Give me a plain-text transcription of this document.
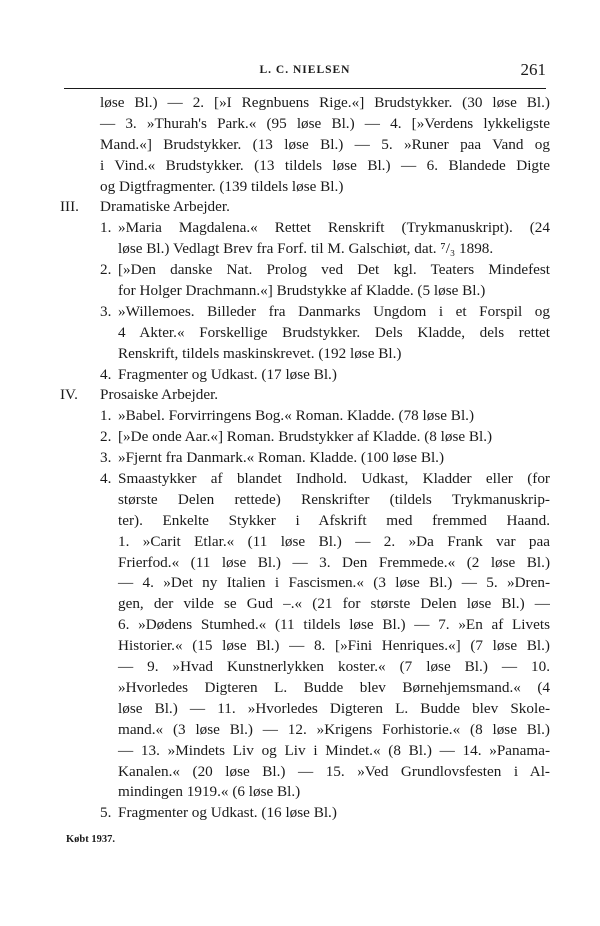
L. C. NIELSEN	261
løse Bl.) — 2. [»I Regnbuens Rige.«] Brudstykker. (30 løse Bl.)
— 3. »Thurah's Park.« (95 løse Bl.) — 4. [»Verdens lykkeligste
Mand.«] Brudstykker. (13 løse Bl.) — 5. »Runer paa Vand og
i Vind.« Brudstykker. (13 tildels løse Bl.) — 6. Blandede Digte
og Digtfragmenter. (139 tildels løse Bl.)
III.	Dramatiske Arbejder.
1. »Maria Magdalena.« Rettet Renskrift (Trykmanuskript). (24
løse Bl.) Vedlagt Brev fra Forf. til M. Galschiøt, dat. ⁷/₃ 1898.
2. [»Den danske Nat. Prolog ved Det kgl. Teaters Mindefest
for Holger Drachmann.«] Brudstykke af Kladde. (5 løse Bl.)
3. »Willemoes. Billeder fra Danmarks Ungdom i et Forspil og
4 Akter.« Forskellige Brudstykker. Dels Kladde, dels rettet
Renskrift, tildels maskinskrevet. (192 løse Bl.)
4. Fragmenter og Udkast. (17 løse Bl.)
IV.	Prosaiske Arbejder.
1. »Babel. Forvirringens Bog.« Roman. Kladde. (78 løse Bl.)
2. [»De onde Aar.«] Roman. Brudstykker af Kladde. (8 løse Bl.)
3. »Fjernt fra Danmark.« Roman. Kladde. (100 løse Bl.)
4. Smaastykker af blandet Indhold. Udkast, Kladder eller (for
største Delen rettede) Renskrifter (tildels Trykmanuskrip-
ter). Enkelte Stykker i Afskrift med fremmed Haand.
1. »Carit Etlar.« (11 løse Bl.) — 2. »Da Frank var paa
Frierfod.« (11 løse Bl.) — 3. Den Fremmede.« (2 løse Bl.)
— 4. »Det ny Italien i Fascismen.« (3 løse Bl.) — 5. »Dren-
gen, der vilde se Gud –.« (21 for største Delen løse Bl.) —
6. »Dødens Stumhed.« (11 tildels løse Bl.) — 7. »En af Livets
Historier.« (15 løse Bl.) — 8. [»Fini Henriques.«] (7 løse Bl.)
— 9. »Hvad Kunstnerlykken koster.« (7 løse Bl.) — 10.
»Hvorledes Digteren L. Budde blev Børnehjemsmand.« (4
løse Bl.) — 11. »Hvorledes Digteren L. Budde blev Skole-
mand.« (3 løse Bl.) — 12. »Krigens Forhistorie.« (8 løse Bl.)
— 13. »Mindets Liv og Liv i Mindet.« (8 Bl.) — 14. »Panama-
Kanalen.« (20 løse Bl.) — 15. »Ved Grundlovsfesten i Al-
mindingen 1919.« (6 løse Bl.)
5. Fragmenter og Udkast. (16 løse Bl.)
Købt 1937.
